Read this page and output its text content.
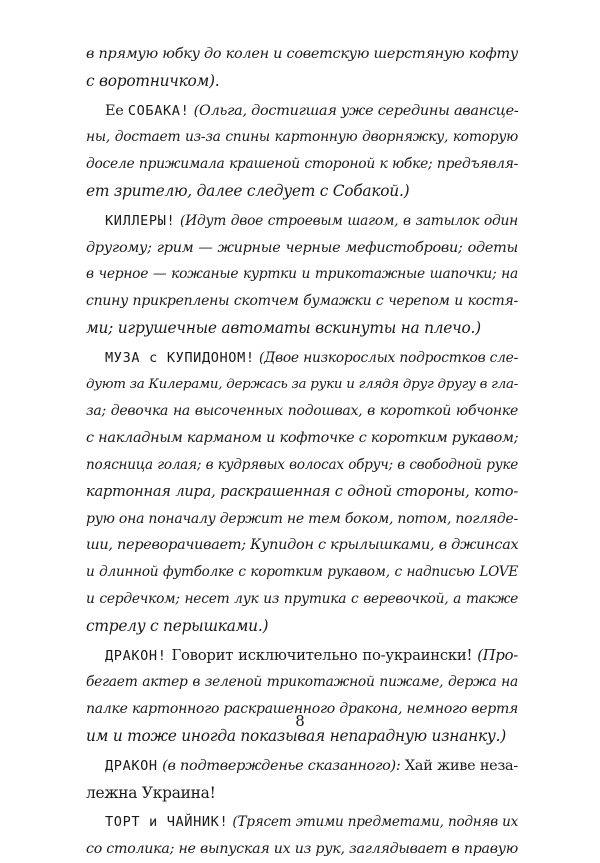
в прямую юбку до колен и советскую шерстяную кофту
с воротничком).
Ее СОБАКА! (Ольга, достигшая уже середины авансце-
ны, достает из-за спины картонную дворняжку, которую
доселе прижимала крашеной стороной к юбке; предъявля-
ет зрителю, далее следует с Собакой.)
КИЛЛЕРЫ! (Идут двое строевым шагом, в затылок один
другому; грим — жирные черные мефистоброви; одеты
в черное — кожаные куртки и трикотажные шапочки; на
спину прикреплены скотчем бумажки с черепом и костя-
ми; игрушечные автоматы вскинуты на плечо.)
МУЗА с КУПИДОНОМ! (Двое низкорослых подростков сле-
дуют за Килерами, держась за руки и глядя друг другу в гла-
за; девочка на высоченных подошвах, в короткой юбчонке
с накладным карманом и кофточке с коротким рукавом;
поясница голая; в кудрявых волосах обруч; в свободной руке
картонная лира, раскрашенная с одной стороны, кото-
рую она поначалу держит не тем боком, потом, погляде-
ши, переворачивает; Купидон с крылышками, в джинсах
и длинной футболке с коротким рукавом, с надписью LOVE
и сердечком; несет лук из прутика с веревочкой, а также
стрелу с перышками.)
ДРАКОН! Говорит исключительно по-украински! (Про-
бегает актер в зеленой трикотажной пижаме, держа на
палке картонного раскрашенного дракона, немного вертя
им и тоже иногда показывая непарадную изнанку.)
ДРАКОН (в подтвержденье сказанного): Хай живе неза-
лежна Украина!
ТОРТ и ЧАЙНИК! (Трясет этими предметами, подняв их
со столика; не выпуская их из рук, заглядывает в правую
8
